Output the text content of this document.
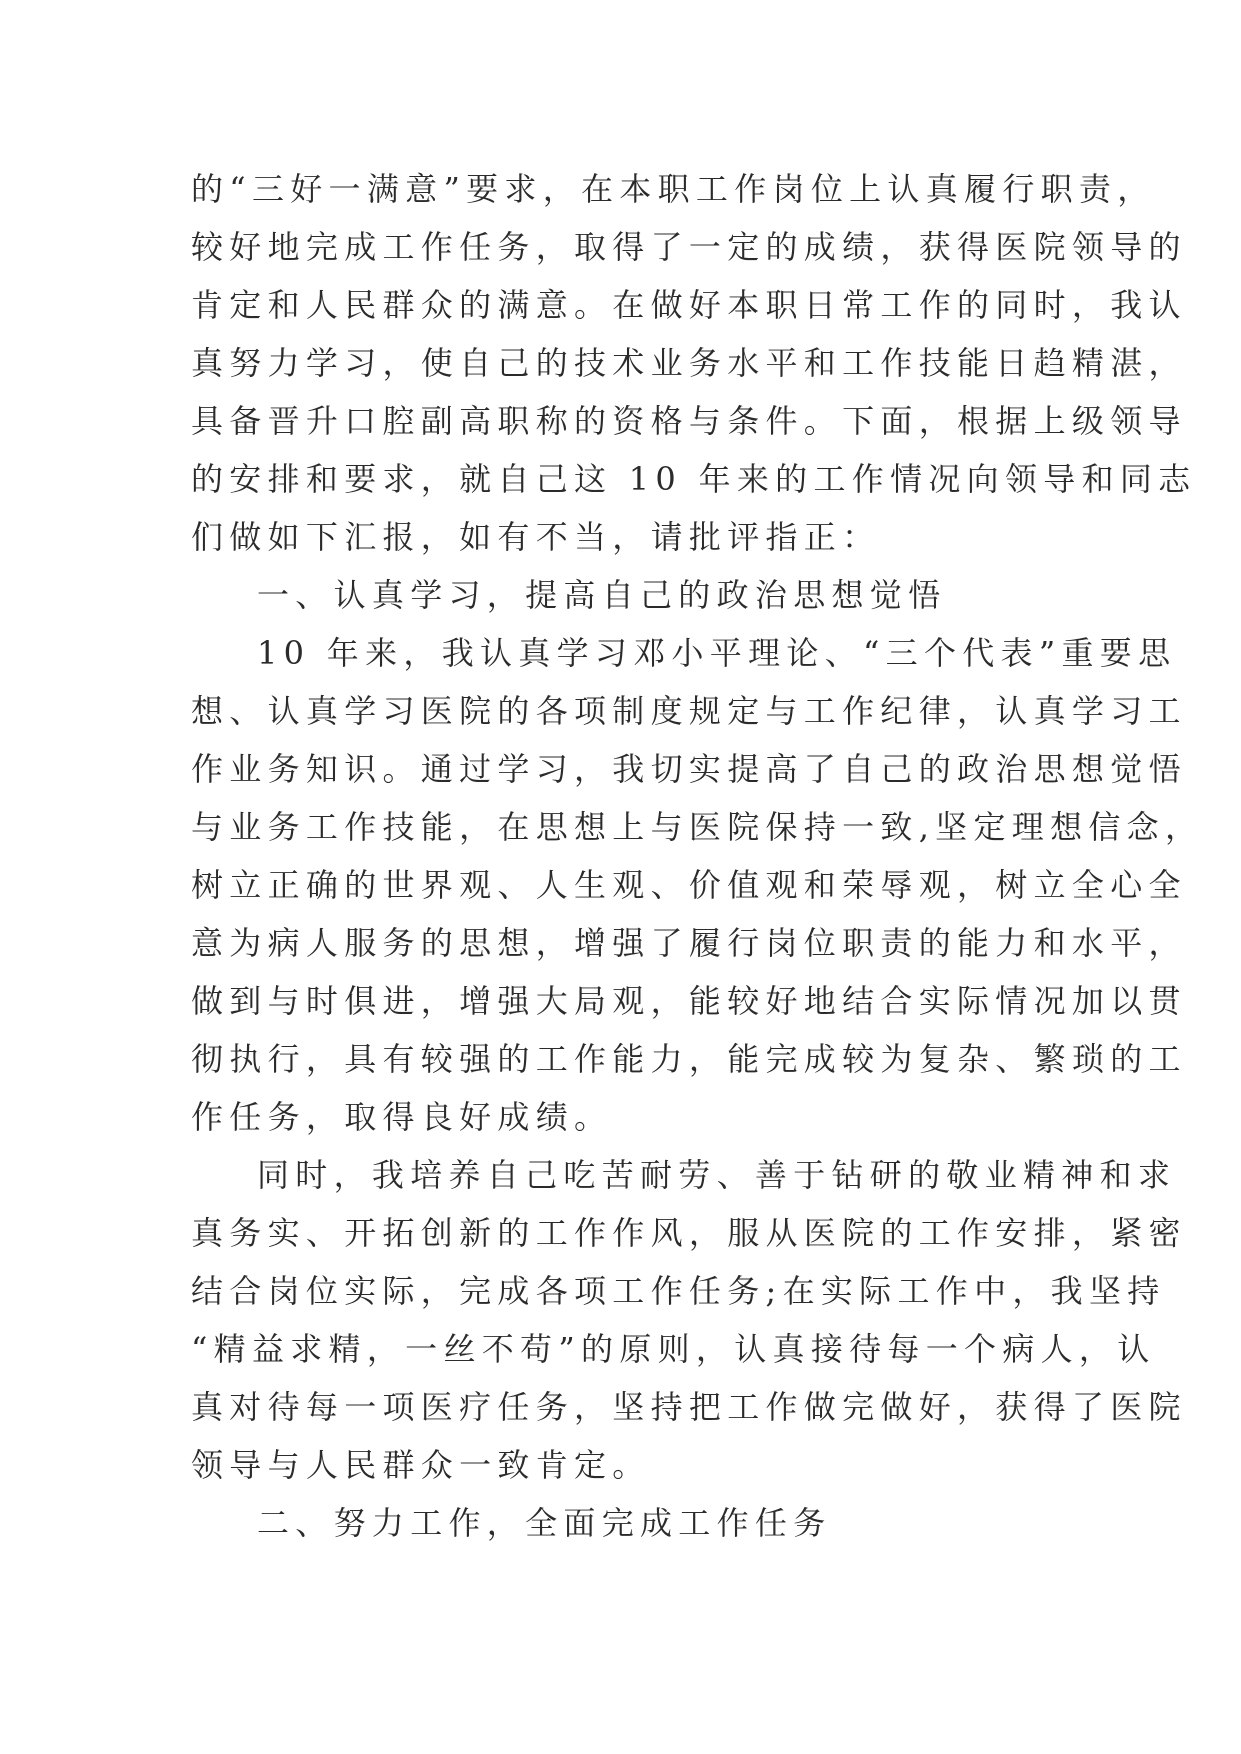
的“三好一满意”要求，在本职工作岗位上认真履行职责，
较好地完成工作任务，取得了一定的成绩，获得医院领导的
肯定和人民群众的满意。在做好本职日常工作的同时，我认
真努力学习，使自己的技术业务水平和工作技能日趋精湛，
具备晋升口腔副高职称的资格与条件。下面，根据上级领导
的安排和要求，就自己这 10 年来的工作情况向领导和同志
们做如下汇报，如有不当，请批评指正：
一、认真学习，提高自己的政治思想觉悟
10 年来，我认真学习邓小平理论、“三个代表”重要思
想、认真学习医院的各项制度规定与工作纪律，认真学习工
作业务知识。通过学习，我切实提高了自己的政治思想觉悟
与业务工作技能，在思想上与医院保持一致,坚定理想信念，
树立正确的世界观、人生观、价值观和荣辱观，树立全心全
意为病人服务的思想，增强了履行岗位职责的能力和水平，
做到与时俱进，增强大局观，能较好地结合实际情况加以贯
彻执行，具有较强的工作能力，能完成较为复杂、繁琐的工
作任务，取得良好成绩。
同时，我培养自己吃苦耐劳、善于钻研的敬业精神和求
真务实、开拓创新的工作作风，服从医院的工作安排，紧密
结合岗位实际，完成各项工作任务;在实际工作中，我坚持
“精益求精，一丝不苟”的原则，认真接待每一个病人，认
真对待每一项医疗任务，坚持把工作做完做好，获得了医院
领导与人民群众一致肯定。
二、努力工作，全面完成工作任务
